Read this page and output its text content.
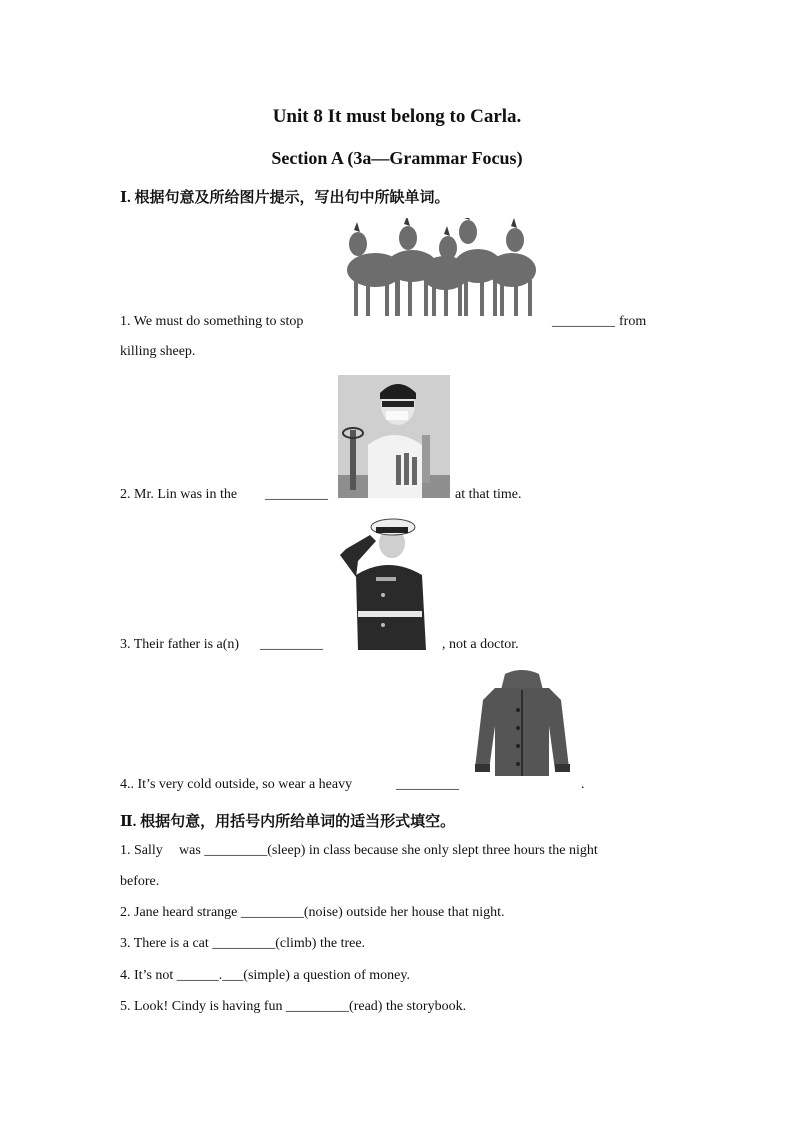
Unit 8 It must belong to Carla.
Section A (3a—Grammar Focus)
Ⅰ. 根据句意及所给图片提示，写出句中所缺单词。
1. We must do something to stop	_________ from
killing sheep.
2. Mr. Lin was in the _________	at that time.
3. Their father is a(n) _________	, not a doctor.
4.. It’s very cold outside, so wear a heavy	_________	.
Ⅱ. 根据句意，用括号内所给单词的适当形式填空。
1. Sally was _________(sleep) in class because she only slept three hours the night
before.
2. Jane heard strange _________(noise) outside her house that night.
3. There is a cat _________(climb) the tree.
4. It’s not ______.___(simple) a question of money.
5. Look! Cindy is having fun _________(read) the storybook.
